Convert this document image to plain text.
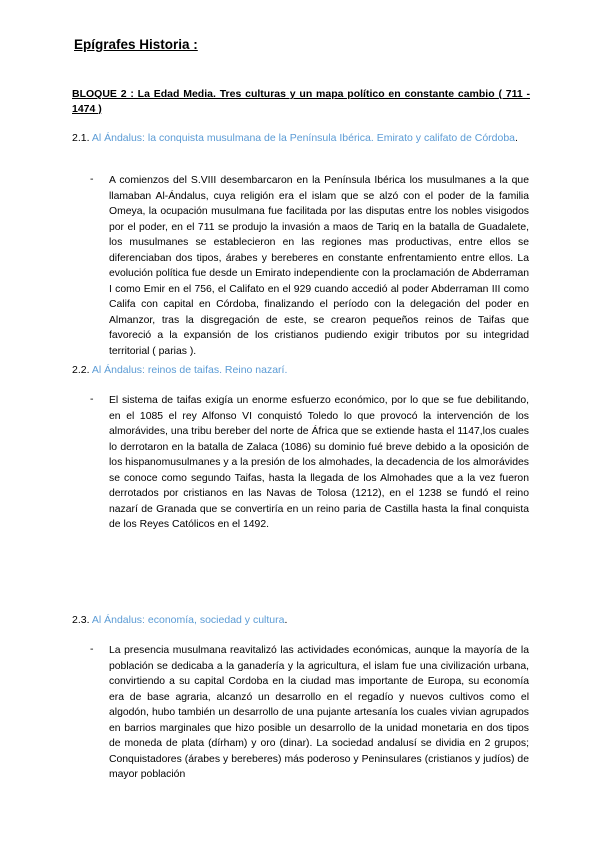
Epígrafes Historia :
BLOQUE 2 : La Edad Media. Tres culturas y un mapa político en constante cambio ( 711 - 1474 )
2.1. Al Ándalus: la conquista musulmana de la Península Ibérica. Emirato y califato de Córdoba.
- A comienzos del S.VIII desembarcaron en la Península Ibérica los musulmanes a la que llamaban Al-Ándalus, cuya religión era el islam que se alzó con el poder de la familia Omeya, la ocupación musulmana fue facilitada por las disputas entre los nobles visigodos por el poder, en el 711 se produjo la invasión a maos de Tariq en la batalla de Guadalete, los musulmanes se establecieron en las regiones mas productivas, entre ellos se diferenciaban dos tipos, árabes y bereberes en constante enfrentamiento entre ellos. La evolución política fue desde un Emirato independiente con la proclamación de Abderraman I como Emir en el 756, el Califato en el 929 cuando accedió al poder Abderraman III como Califa con capital en Córdoba, finalizando el período con la delegación del poder en Almanzor, tras la disgregación de este, se crearon pequeños reinos de Taifas que favoreció a la expansión de los cristianos pudiendo exigir tributos por su integridad territorial ( parias ).
2.2. Al Ándalus: reinos de taifas. Reino nazarí.
- El sistema de taifas exigía un enorme esfuerzo económico, por lo que se fue debilitando, en el 1085 el rey Alfonso VI conquistó Toledo lo que provocó la intervención de los almorávides, una tribu bereber del norte de África que se extiende hasta el 1147,los cuales lo derrotaron en la batalla de Zalaca (1086) su dominio fué breve debido a la oposición de los hispanomusulmanes y a la presión de los almohades, la decadencia de los almorávides se conoce como segundo Taifas, hasta la llegada de los Almohades que a la vez fueron derrotados por cristianos en las Navas de Tolosa (1212), en el 1238 se fundó el reino nazarí de Granada que se convertiría en un reino paria de Castilla hasta la final conquista de los Reyes Católicos en el 1492.
2.3. Al Ándalus: economía, sociedad y cultura.
- La presencia musulmana reavitalizó las actividades económicas, aunque la mayoría de la población se dedicaba a la ganadería y la agricultura, el islam fue una civilización urbana, convirtiendo a su capital Cordoba en la ciudad mas importante de Europa, su economía era de base agraria, alcanzó un desarrollo en el regadío y nuevos cultivos como el algodón, hubo también un desarrollo de una pujante artesanía los cuales vivian agrupados en barrios marginales que hizo posible un desarrollo de la unidad monetaria en dos tipos de moneda de plata (dírham) y oro (dinar). La sociedad andalusí se dividia en 2 grupos; Conquistadores (árabes y bereberes) más poderoso y Peninsulares (cristianos y judíos) de mayor población
